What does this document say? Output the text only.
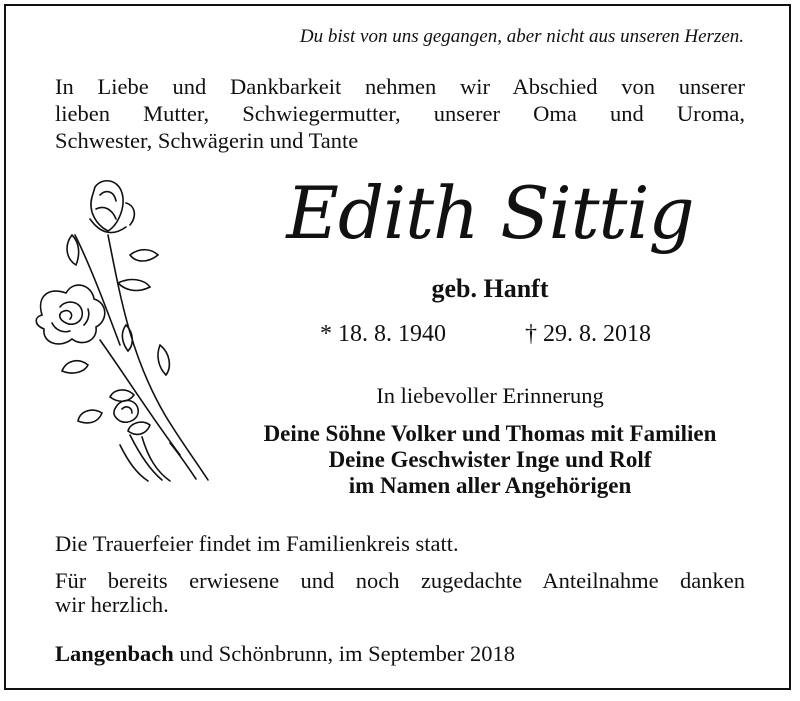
Du bist von uns gegangen, aber nicht aus unseren Herzen.
In Liebe und Dankbarkeit nehmen wir Abschied von unserer
lieben Mutter, Schwiegermutter, unserer Oma und Uroma,
Schwester, Schwägerin und Tante
Edith Sittig
geb. Hanft
* 18. 8. 1940	† 29. 8. 2018
In liebevoller Erinnerung
Deine Söhne Volker und Thomas mit Familien
Deine Geschwister Inge und Rolf
im Namen aller Angehörigen
Die Trauerfeier findet im Familienkreis statt.
Für bereits erwiesene und noch zugedachte Anteilnahme danken
wir herzlich.
Langenbach und Schönbrunn, im September 2018
